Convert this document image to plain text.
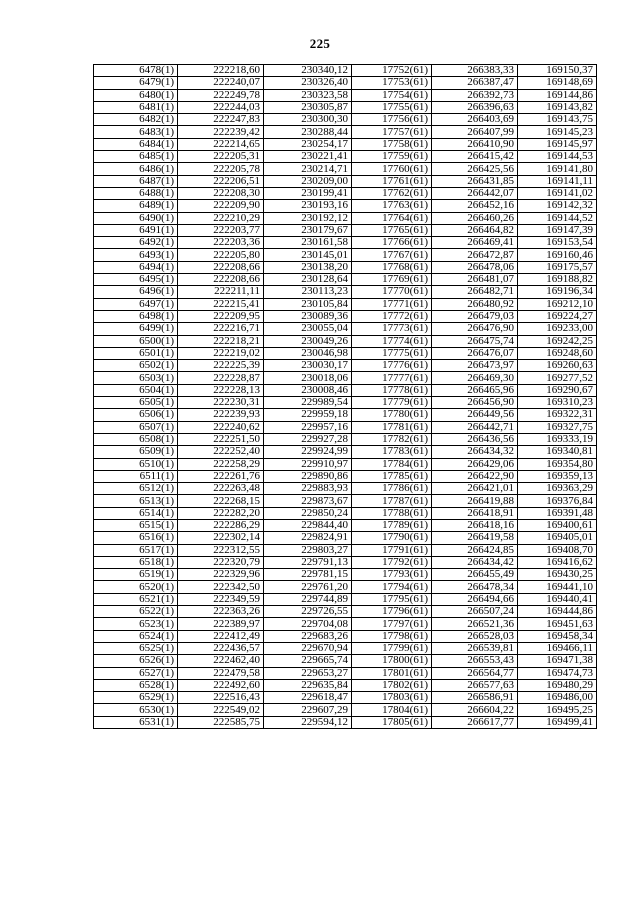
225
6478(1)	222218,60	230340,12	17752(61)	266383,33	169150,37
6479(1)	222240,07	230326,40	17753(61)	266387,47	169148,69
6480(1)	222249,78	230323,58	17754(61)	266392,73	169144,86
6481(1)	222244,03	230305,87	17755(61)	266396,63	169143,82
6482(1)	222247,83	230300,30	17756(61)	266403,69	169143,75
6483(1)	222239,42	230288,44	17757(61)	266407,99	169145,23
6484(1)	222214,65	230254,17	17758(61)	266410,90	169145,97
6485(1)	222205,31	230221,41	17759(61)	266415,42	169144,53
6486(1)	222205,78	230214,71	17760(61)	266425,56	169141,80
6487(1)	222206,51	230209,00	17761(61)	266431,85	169141,11
6488(1)	222208,30	230199,41	17762(61)	266442,07	169141,02
6489(1)	222209,90	230193,16	17763(61)	266452,16	169142,32
6490(1)	222210,29	230192,12	17764(61)	266460,26	169144,52
6491(1)	222203,77	230179,67	17765(61)	266464,82	169147,39
6492(1)	222203,36	230161,58	17766(61)	266469,41	169153,54
6493(1)	222205,80	230145,01	17767(61)	266472,87	169160,46
6494(1)	222208,66	230138,20	17768(61)	266478,06	169175,57
6495(1)	222208,66	230128,64	17769(61)	266481,07	169188,82
6496(1)	222211,11	230113,23	17770(61)	266482,71	169196,34
6497(1)	222215,41	230105,84	17771(61)	266480,92	169212,10
6498(1)	222209,95	230089,36	17772(61)	266479,03	169224,27
6499(1)	222216,71	230055,04	17773(61)	266476,90	169233,00
6500(1)	222218,21	230049,26	17774(61)	266475,74	169242,25
6501(1)	222219,02	230046,98	17775(61)	266476,07	169248,60
6502(1)	222225,39	230030,17	17776(61)	266473,97	169260,63
6503(1)	222228,87	230018,06	17777(61)	266469,30	169277,52
6504(1)	222228,13	230008,46	17778(61)	266465,96	169290,67
6505(1)	222230,31	229989,54	17779(61)	266456,90	169310,23
6506(1)	222239,93	229959,18	17780(61)	266449,56	169322,31
6507(1)	222240,62	229957,16	17781(61)	266442,71	169327,75
6508(1)	222251,50	229927,28	17782(61)	266436,56	169333,19
6509(1)	222252,40	229924,99	17783(61)	266434,32	169340,81
6510(1)	222258,29	229910,97	17784(61)	266429,06	169354,80
6511(1)	222261,76	229890,86	17785(61)	266422,90	169359,13
6512(1)	222263,48	229883,93	17786(61)	266421,01	169363,29
6513(1)	222268,15	229873,67	17787(61)	266419,88	169376,84
6514(1)	222282,20	229850,24	17788(61)	266418,91	169391,48
6515(1)	222286,29	229844,40	17789(61)	266418,16	169400,61
6516(1)	222302,14	229824,91	17790(61)	266419,58	169405,01
6517(1)	222312,55	229803,27	17791(61)	266424,85	169408,70
6518(1)	222320,79	229791,13	17792(61)	266434,42	169416,62
6519(1)	222329,96	229781,15	17793(61)	266455,49	169430,25
6520(1)	222342,50	229761,20	17794(61)	266478,34	169441,10
6521(1)	222349,59	229744,89	17795(61)	266494,66	169440,41
6522(1)	222363,26	229726,55	17796(61)	266507,24	169444,86
6523(1)	222389,97	229704,08	17797(61)	266521,36	169451,63
6524(1)	222412,49	229683,26	17798(61)	266528,03	169458,34
6525(1)	222436,57	229670,94	17799(61)	266539,81	169466,11
6526(1)	222462,40	229665,74	17800(61)	266553,43	169471,38
6527(1)	222479,58	229653,27	17801(61)	266564,77	169474,73
6528(1)	222492,60	229635,84	17802(61)	266577,63	169480,29
6529(1)	222516,43	229618,47	17803(61)	266586,91	169486,00
6530(1)	222549,02	229607,29	17804(61)	266604,22	169495,25
6531(1)	222585,75	229594,12	17805(61)	266617,77	169499,41
